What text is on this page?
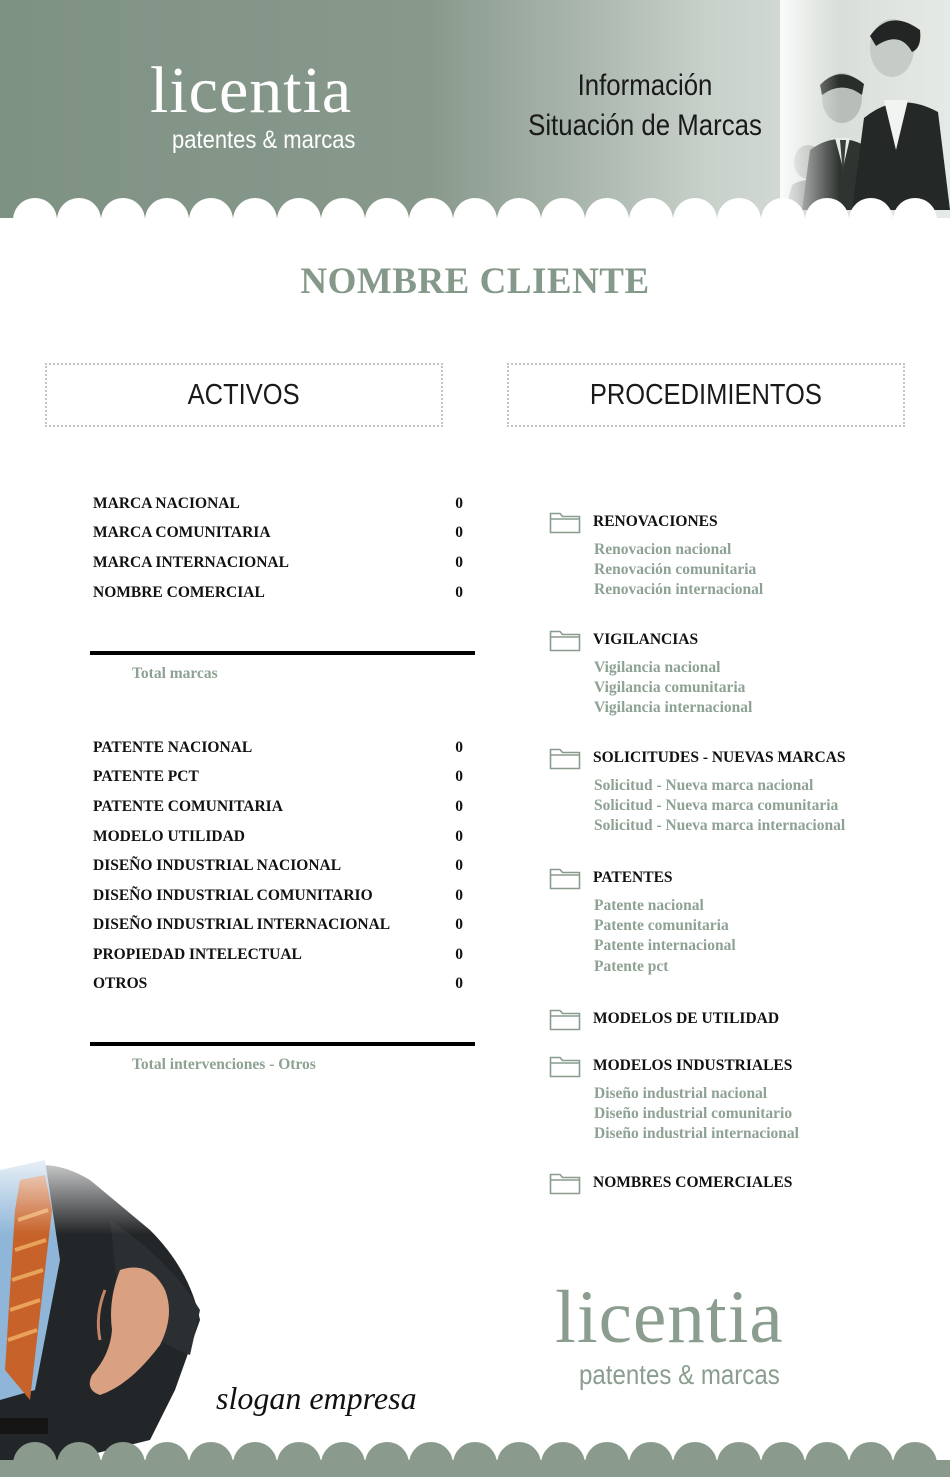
licentia
patentes & marcas
Información
Situación de Marcas
NOMBRE CLIENTE
ACTIVOS	PROCEDIMIENTOS
MARCA NACIONAL	0
MARCA COMUNITARIA	0
MARCA INTERNACIONAL	0
NOMBRE COMERCIAL	0
Total marcas
PATENTE NACIONAL	0
PATENTE PCT	0
PATENTE COMUNITARIA	0
MODELO UTILIDAD	0
DISEÑO INDUSTRIAL NACIONAL	0
DISEÑO INDUSTRIAL COMUNITARIO	0
DISEÑO INDUSTRIAL INTERNACIONAL	0
PROPIEDAD INTELECTUAL	0
OTROS	0
Total intervenciones - Otros
RENOVACIONES
Renovacion nacional
Renovación comunitaria
Renovación internacional
VIGILANCIAS
Vigilancia nacional
Vigilancia comunitaria
Vigilancia internacional
SOLICITUDES - NUEVAS MARCAS
Solicitud - Nueva marca nacional
Solicitud - Nueva marca comunitaria
Solicitud - Nueva marca internacional
PATENTES
Patente nacional
Patente comunitaria
Patente internacional
Patente pct
MODELOS DE UTILIDAD
MODELOS INDUSTRIALES
Diseño industrial nacional
Diseño industrial comunitario
Diseño industrial internacional
NOMBRES COMERCIALES
slogan empresa
licentia
patentes & marcas
